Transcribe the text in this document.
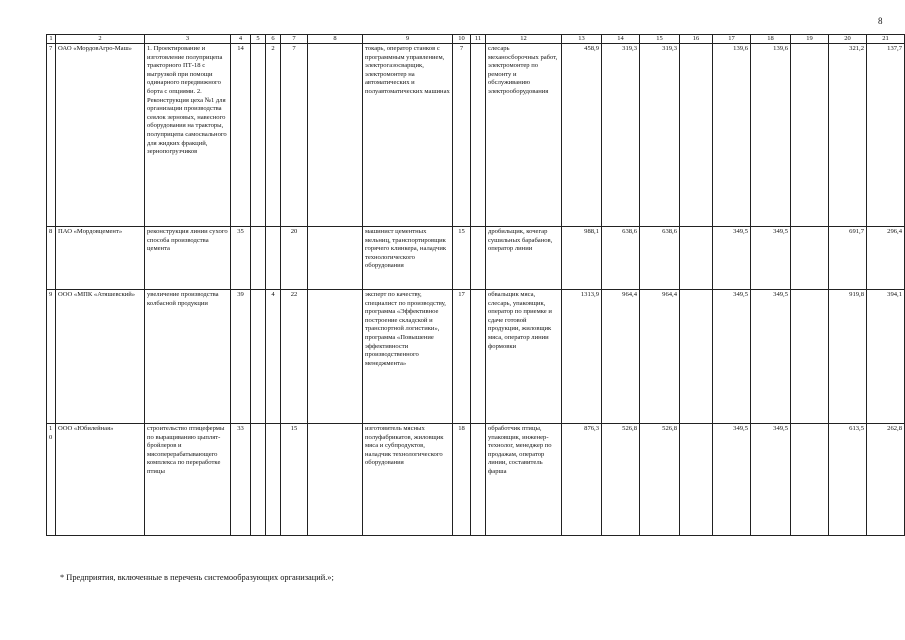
8
1	2	3	4	5	6	7	8	9	10	11	12	13	14	15	16	17	18	19	20	21
7	ОАО «МордовАгро-Маш»	1. Проектирование и изготовление полуприцепа тракторного ПТ-18 с выгрузкой при помощи одинарного передвижного борта с опциями. 2. Реконструкция цеха №1 для организации производства сеялок зерновых, навесного оборудования на тракторы, полуприцепа самосвального для жидких фракций, зернопогрузчиков	14		2	7		токарь, оператор станков с программным управлением, электрогазосварщик, электромонтер на автоматических и полуавтоматических машинах	7		слесарь механосборочных работ, электромонтер по ремонту и обслуживанию электрооборудования	458,9	319,3	319,3		139,6	139,6		321,2	137,7
8	ПАО «Мордовцемент»	реконструкция линии сухого способа производства цемента	35			20		машинист цементных мельниц, транспортировщик горячего клинкера, наладчик технологического оборудования	15		дробильщик, кочегар сушильных барабанов, оператор линии	988,1	638,6	638,6		349,5	349,5		691,7	296,4
9	ООО «МПК «Атяшевский»	увеличение производства колбасной продукции	39		4	22		эксперт по качеству, специалист по производству, программа «Эффективное построение складской и транспортной логистики», программа «Повышение эффективности производственного менеджмента»	17		обвальщик мяса, слесарь, упаковщик, оператор по приемке и сдаче готовой продукции, жиловщик мяса, оператор линии формовки	1313,9	964,4	964,4		349,5	349,5		919,8	394,1
10	ООО «Юбилейная»	строительство птицефермы по выращиванию цыплят-бройлеров и мясоперерабатывающего комплекса по переработке птицы	33			15		изготовитель мясных полуфабрикатов, жиловщик мяса и субпродуктов, наладчик технологического оборудования	18		обработчик птицы, упаковщик, инженер-технолог, менеджер по продажам, оператор линии, составитель фарша	876,3	526,8	526,8		349,5	349,5		613,5	262,8
* Предприятия, включенные в перечень системообразующих организаций.»;
